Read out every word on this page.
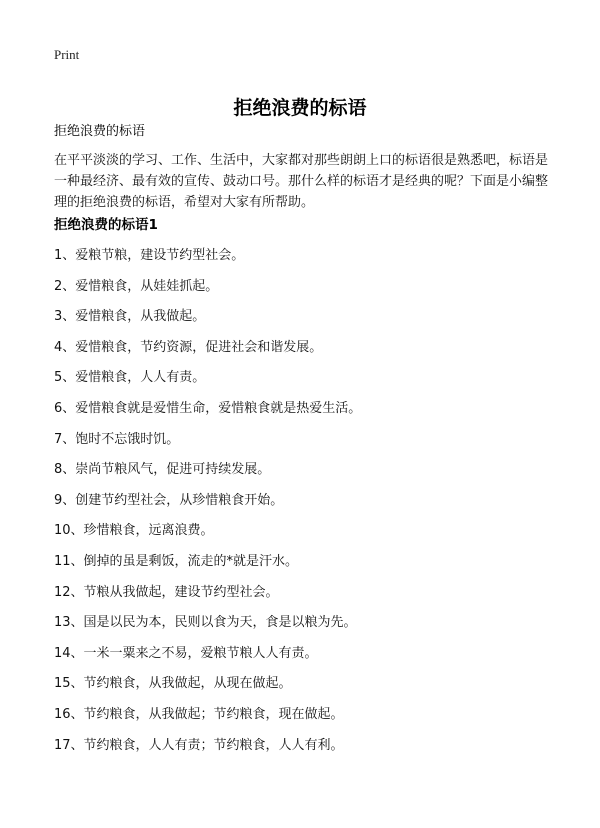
Print
拒绝浪费的标语
拒绝浪费的标语

在平平淡淡的学习、工作、生活中，大家都对那些朗朗上口的标语很是熟悉吧，标语是一种最经济、最有效的宣传、鼓动口号。那什么样的标语才是经典的呢？下面是小编整理的拒绝浪费的标语，希望对大家有所帮助。

拒绝浪费的标语1
1、爱粮节粮，建设节约型社会。
2、爱惜粮食，从娃娃抓起。
3、爱惜粮食，从我做起。
4、爱惜粮食，节约资源，促进社会和谐发展。
5、爱惜粮食，人人有责。
6、爱惜粮食就是爱惜生命，爱惜粮食就是热爱生活。
7、饱时不忘饿时饥。
8、崇尚节粮风气，促进可持续发展。
9、创建节约型社会，从珍惜粮食开始。
10、珍惜粮食，远离浪费。
11、倒掉的虽是剩饭，流走的*就是汗水。
12、节粮从我做起，建设节约型社会。
13、国是以民为本，民则以食为天，食是以粮为先。
14、一米一粟来之不易，爱粮节粮人人有责。
15、节约粮食，从我做起，从现在做起。
16、节约粮食，从我做起；节约粮食，现在做起。
17、节约粮食，人人有责；节约粮食，人人有利。
